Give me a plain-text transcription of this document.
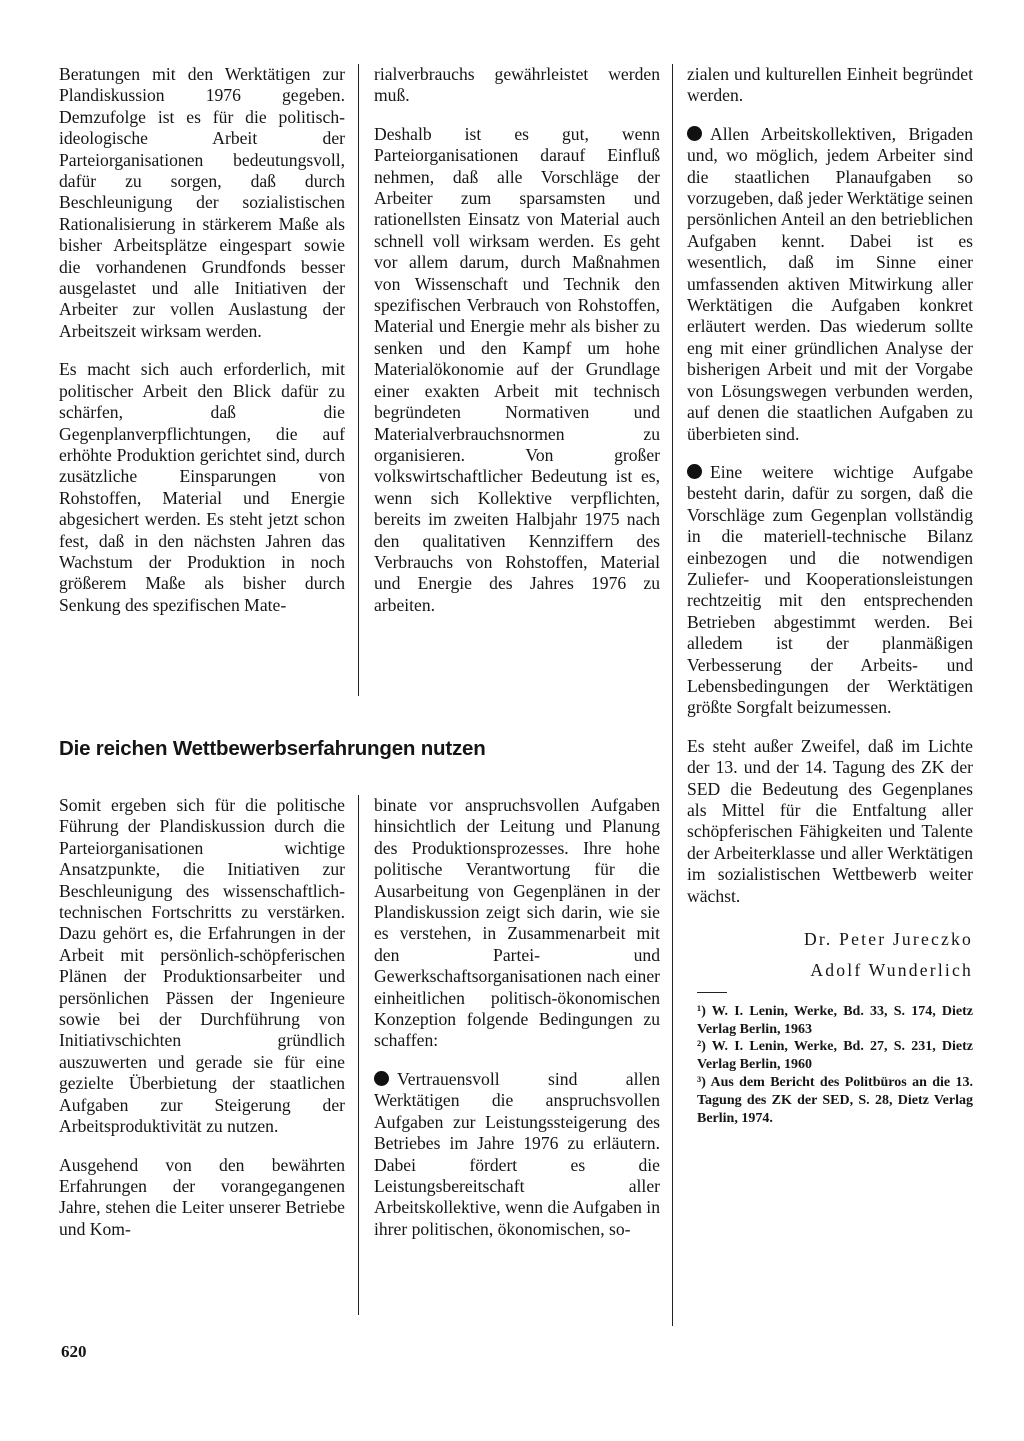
Beratungen mit den Werktätigen zur Plandiskussion 1976 gegeben. Demzufolge ist es für die politisch-ideologische Arbeit der Parteiorganisationen bedeutungsvoll, dafür zu sorgen, daß durch Beschleunigung der sozialistischen Rationalisierung in stärkerem Maße als bisher Arbeitsplätze eingespart sowie die vorhandenen Grundfonds besser ausgelastet und alle Initiativen der Arbeiter zur vollen Auslastung der Arbeitszeit wirksam werden.

Es macht sich auch erforderlich, mit politischer Arbeit den Blick dafür zu schärfen, daß die Gegenplanverpflichtungen, die auf erhöhte Produktion gerichtet sind, durch zusätzliche Einsparungen von Rohstoffen, Material und Energie abgesichert werden. Es steht jetzt schon fest, daß in den nächsten Jahren das Wachstum der Produktion in noch größerem Maße als bisher durch Senkung des spezifischen Mate-

rialverbrauchs gewährleistet werden muß.

Deshalb ist es gut, wenn Parteiorganisationen darauf Einfluß nehmen, daß alle Vorschläge der Arbeiter zum sparsamsten und rationellsten Einsatz von Material auch schnell voll wirksam werden. Es geht vor allem darum, durch Maßnahmen von Wissenschaft und Technik den spezifischen Verbrauch von Rohstoffen, Material und Energie mehr als bisher zu senken und den Kampf um hohe Materialökonomie auf der Grundlage einer exakten Arbeit mit technisch begründeten Normativen und Materialverbrauchsnormen zu organisieren. Von großer volkswirtschaftlicher Bedeutung ist es, wenn sich Kollektive verpflichten, bereits im zweiten Halbjahr 1975 nach den qualitativen Kennziffern des Verbrauchs von Rohstoffen, Material und Energie des Jahres 1976 zu arbeiten.

Die reichen Wettbewerbserfahrungen nutzen

Somit ergeben sich für die politische Führung der Plandiskussion durch die Parteiorganisationen wichtige Ansatzpunkte, die Initiativen zur Beschleunigung des wissenschaftlich-technischen Fortschritts zu verstärken. Dazu gehört es, die Erfahrungen in der Arbeit mit persönlich-schöpferischen Plänen der Produktionsarbeiter und persönlichen Pässen der Ingenieure sowie bei der Durchführung von Initiativschichten gründlich auszuwerten und gerade sie für eine gezielte Überbietung der staatlichen Aufgaben zur Steigerung der Arbeitsproduktivität zu nutzen.

Ausgehend von den bewährten Erfahrungen der vorangegangenen Jahre, stehen die Leiter unserer Betriebe und Kom-

binate vor anspruchsvollen Aufgaben hinsichtlich der Leitung und Planung des Produktionsprozesses. Ihre hohe politische Verantwortung für die Ausarbeitung von Gegenplänen in der Plandiskussion zeigt sich darin, wie sie es verstehen, in Zusammenarbeit mit den Partei- und Gewerkschaftsorganisationen nach einer einheitlichen politisch-ökonomischen Konzeption folgende Bedingungen zu schaffen:

Vertrauensvoll sind allen Werktätigen die anspruchsvollen Aufgaben zur Leistungssteigerung des Betriebes im Jahre 1976 zu erläutern. Dabei fördert es die Leistungsbereitschaft aller Arbeitskollektive, wenn die Aufgaben in ihrer politischen, ökonomischen, so-

zialen und kulturellen Einheit begründet werden.

Allen Arbeitskollektiven, Brigaden und, wo möglich, jedem Arbeiter sind die staatlichen Planaufgaben so vorzugeben, daß jeder Werktätige seinen persönlichen Anteil an den betrieblichen Aufgaben kennt. Dabei ist es wesentlich, daß im Sinne einer umfassenden aktiven Mitwirkung aller Werktätigen die Aufgaben konkret erläutert werden. Das wiederum sollte eng mit einer gründlichen Analyse der bisherigen Arbeit und mit der Vorgabe von Lösungswegen verbunden werden, auf denen die staatlichen Aufgaben zu überbieten sind.

Eine weitere wichtige Aufgabe besteht darin, dafür zu sorgen, daß die Vorschläge zum Gegenplan vollständig in die materiell-technische Bilanz einbezogen und die notwendigen Zuliefer- und Kooperationsleistungen rechtzeitig mit den entsprechenden Betrieben abgestimmt werden. Bei alledem ist der planmäßigen Verbesserung der Arbeits- und Lebensbedingungen der Werktätigen größte Sorgfalt beizumessen.

Es steht außer Zweifel, daß im Lichte der 13. und der 14. Tagung des ZK der SED die Bedeutung des Gegenplanes als Mittel für die Entfaltung aller schöpferischen Fähigkeiten und Talente der Arbeiterklasse und aller Werktätigen im sozialistischen Wettbewerb weiter wächst.

Dr. Peter Jureczko
Adolf Wunderlich
¹) W. I. Lenin, Werke, Bd. 33, S. 174, Dietz Verlag Berlin, 1963
²) W. I. Lenin, Werke, Bd. 27, S. 231, Dietz Verlag Berlin, 1960
³) Aus dem Bericht des Politbüros an die 13. Tagung des ZK der SED, S. 28, Dietz Verlag Berlin, 1974.
620
